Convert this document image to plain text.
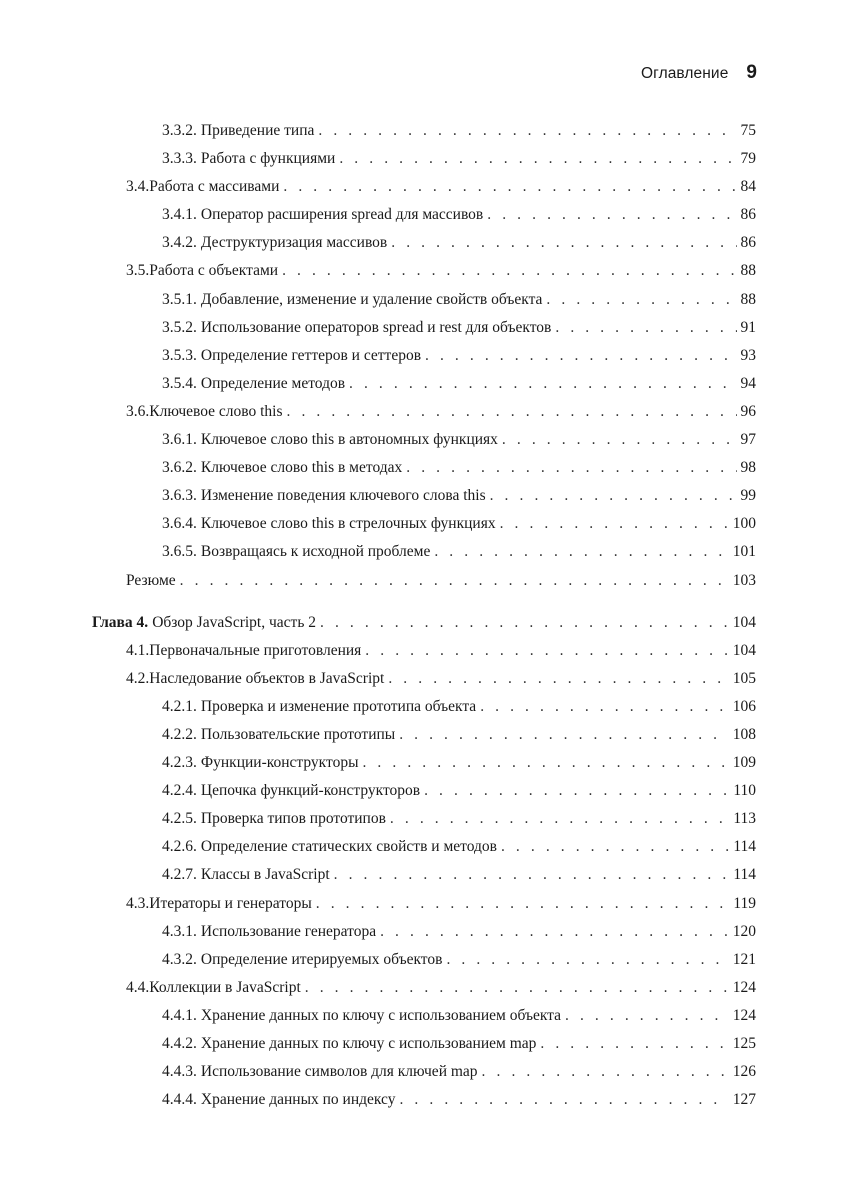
Оглавление 9
3.3.2. Приведение типа . . .	75
3.3.3. Работа с функциями . . .	79
3.4. Работа с массивами . . .	84
3.4.1. Оператор расширения spread для массивов . . .	86
3.4.2. Деструктуризация массивов . . .	86
3.5. Работа с объектами . . .	88
3.5.1. Добавление, изменение и удаление свойств объекта . . .	88
3.5.2. Использование операторов spread и rest для объектов . . .	91
3.5.3. Определение геттеров и сеттеров . . .	93
3.5.4. Определение методов . . .	94
3.6. Ключевое слово this . . .	96
3.6.1. Ключевое слово this в автономных функциях . . .	97
3.6.2. Ключевое слово this в методах . . .	98
3.6.3. Изменение поведения ключевого слова this . . .	99
3.6.4. Ключевое слово this в стрелочных функциях . . .	100
3.6.5. Возвращаясь к исходной проблеме . . .	101
Резюме . . .	103
Глава 4. Обзор JavaScript, часть 2 . . .	104
4.1. Первоначальные приготовления . . .	104
4.2. Наследование объектов в JavaScript . . .	105
4.2.1. Проверка и изменение прототипа объекта . . .	106
4.2.2. Пользовательские прототипы . . .	108
4.2.3. Функции-конструкторы . . .	109
4.2.4. Цепочка функций-конструкторов . . .	110
4.2.5. Проверка типов прототипов . . .	113
4.2.6. Определение статических свойств и методов . . .	114
4.2.7. Классы в JavaScript . . .	114
4.3. Итераторы и генераторы . . .	119
4.3.1. Использование генератора . . .	120
4.3.2. Определение итерируемых объектов . . .	121
4.4. Коллекции в JavaScript . . .	124
4.4.1. Хранение данных по ключу с использованием объекта . . .	124
4.4.2. Хранение данных по ключу с использованием map . . .	125
4.4.3. Использование символов для ключей map . . .	126
4.4.4. Хранение данных по индексу . . .	127
